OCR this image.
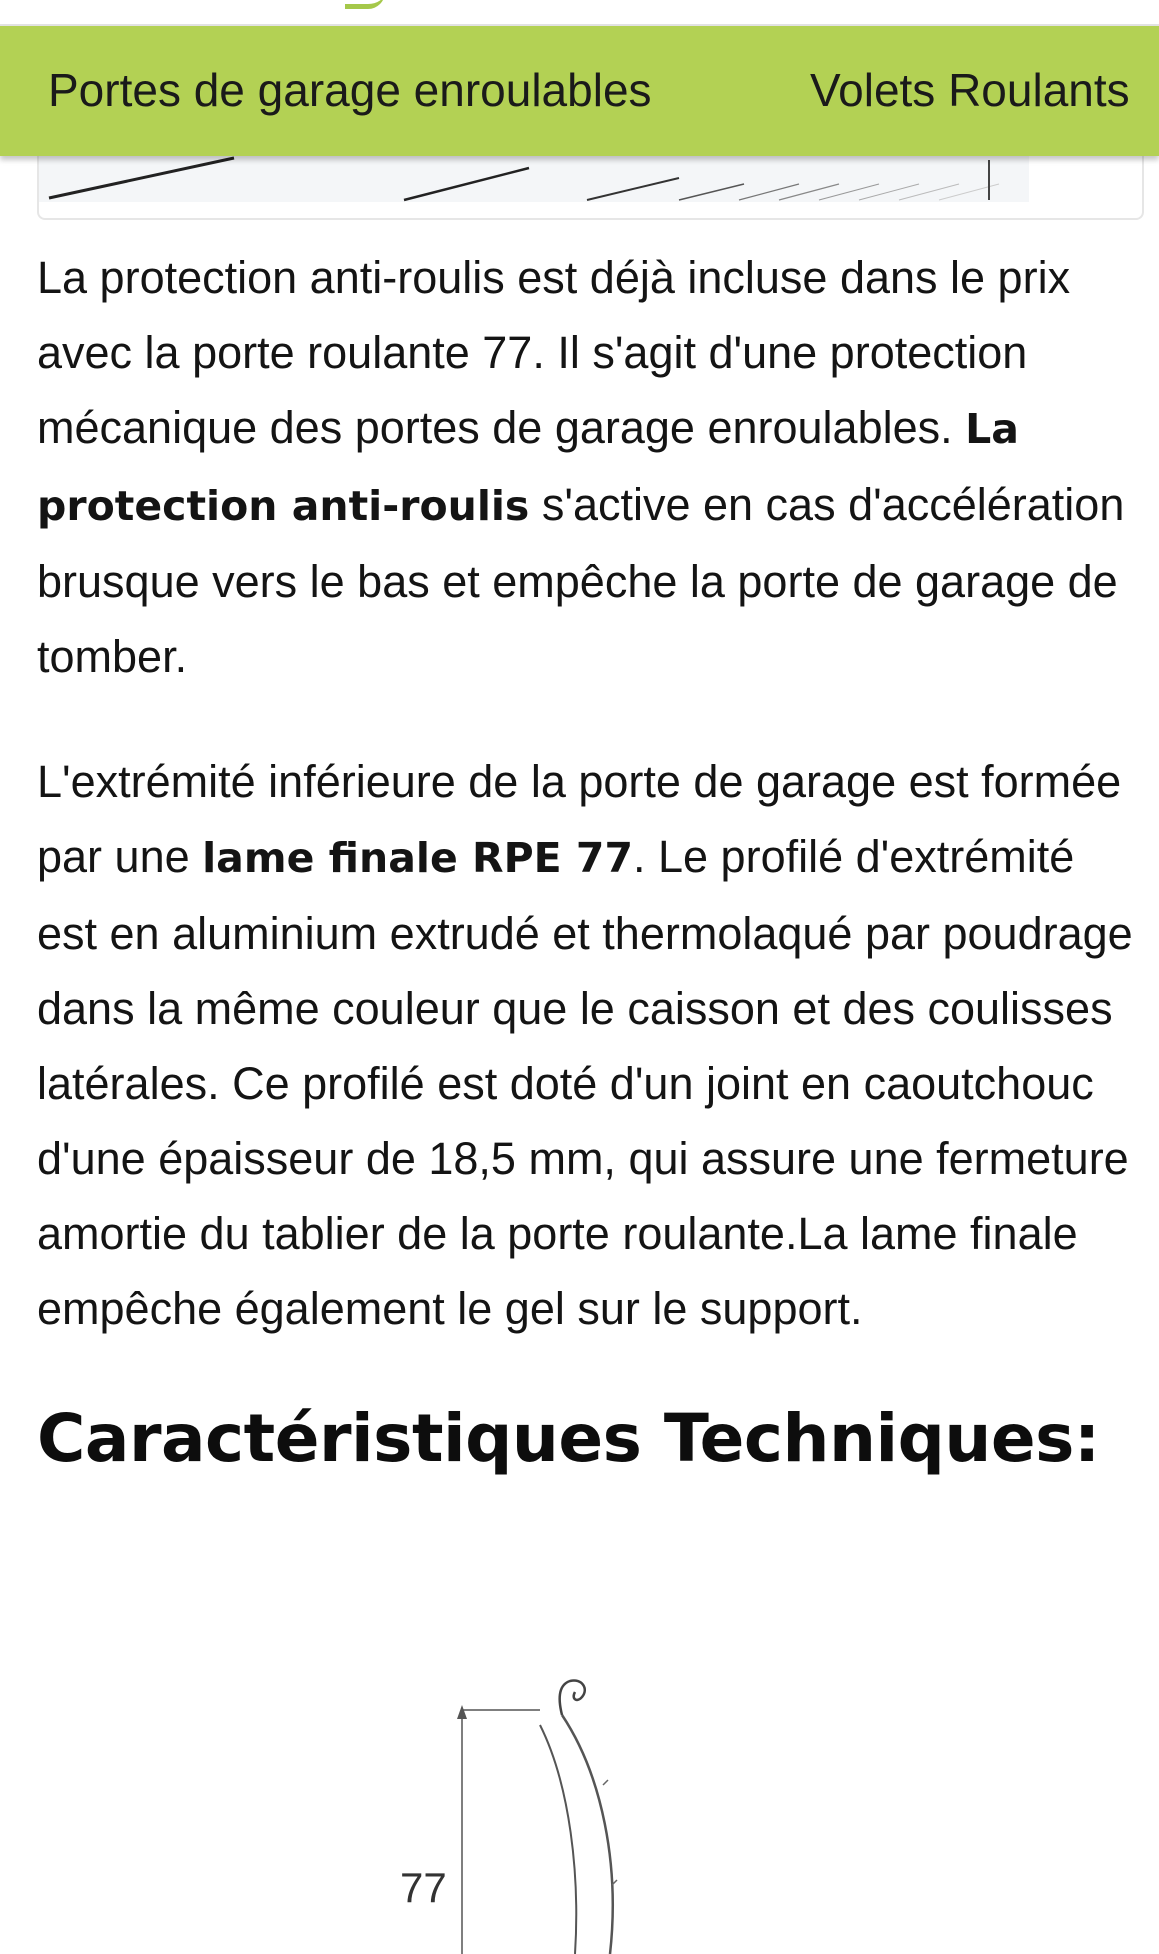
Portes de garage enroulables	Volets Roulants

La protection anti-roulis est déjà incluse dans le prix avec la porte roulante 77. Il s'agit d'une protection mécanique des portes de garage enroulables. La protection anti-roulis s'active en cas d'accélération brusque vers le bas et empêche la porte de garage de tomber.

L'extrémité inférieure de la porte de garage est formée par une lame finale RPE 77. Le profilé d'extrémité est en aluminium extrudé et thermolaqué par poudrage dans la même couleur que le caisson et des coulisses latérales. Ce profilé est doté d'un joint en caoutchouc d'une épaisseur de 18,5 mm, qui assure une fermeture amortie du tablier de la porte roulante.La lame finale empêche également le gel sur le support.

Caractéristiques Techniques:
77
